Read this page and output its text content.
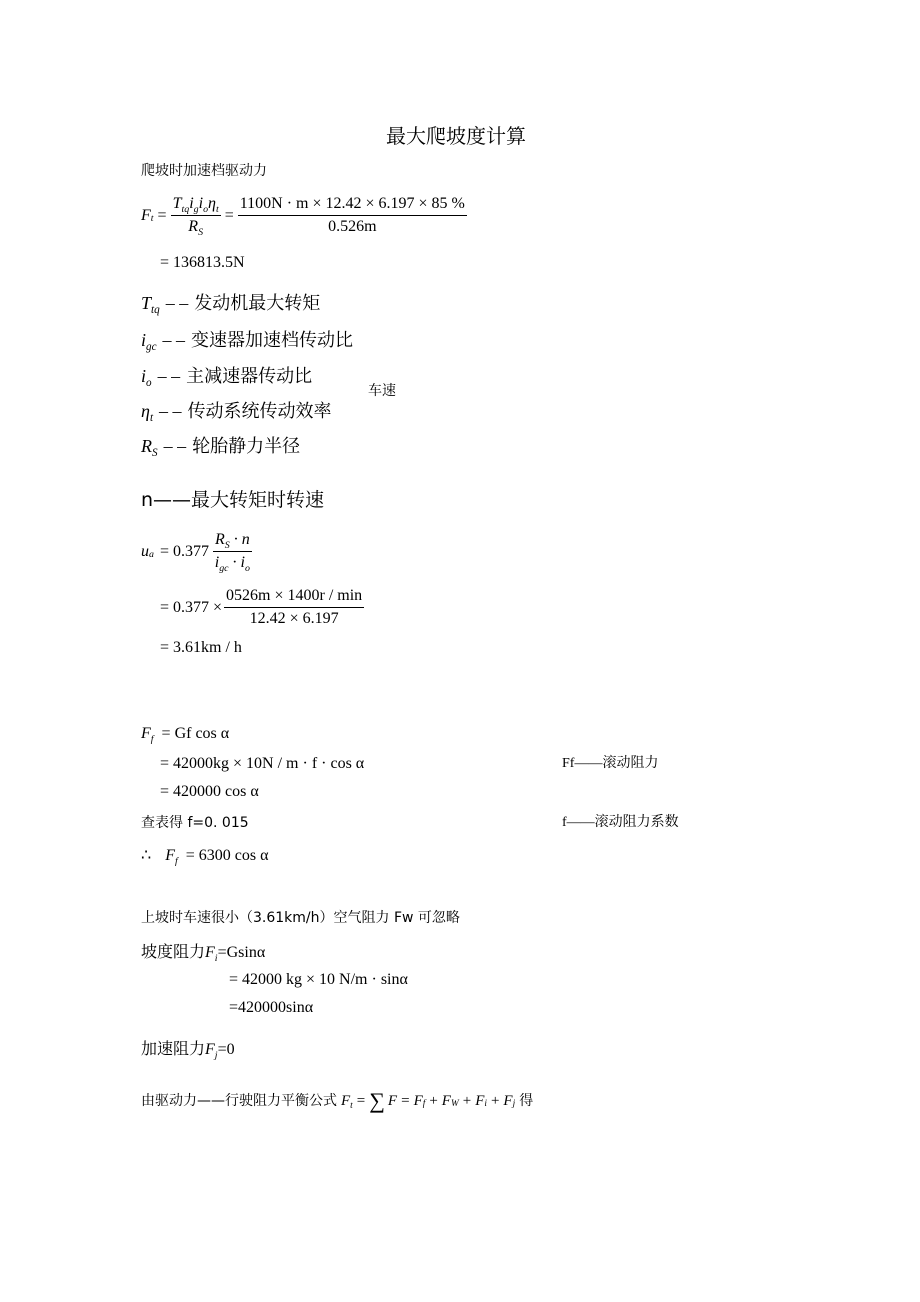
最大爬坡度计算
爬坡时加速档驱动力
F $t = \frac{T_{tq}i_gi_o\eta_t}{R_S} = \frac{1100N \cdot m \times 12.42 \times 6.197 \times 85 \%}{0.526m}$
= 136813.5N
$T_{tq}$ – – 发动机最大转矩
$i_{gc}$ – – 变速器加速档传动比
$i_o$ – – 主减速器传动比
$\eta_t$ – – 传动系统传动效率
$R_S$ – – 轮胎静力半径
车速
n——最大转矩时转速
u $a = 0.377 \frac{R_S \cdot n}{i_{gc} \cdot i_o}$
= $0.377 \times \frac{0526m \times 1400r / \min}{12.42 \times 6.197}$
= 3.61km / h
$F_f = Gf$ cos α
= 42000kg × 10N / m · f · cos α
= 420000 cos α
Ff——滚动阻力
查表得 f=0. 015	f——滚动阻力系数
∴ $F_f = 6300$ cos α
上坡时车速很小（3.61km/h）空气阻力 Fw 可忽略
坡度阻力$F_i=Gsin\alpha$
= 42000 kg × 10 N/m · sinα
=420000sinα
加速阻力$F_j=0$
由驱动力——行驶阻力平衡公式 $F_t$ = ∑ F = F f + F W + F i + F j 得
